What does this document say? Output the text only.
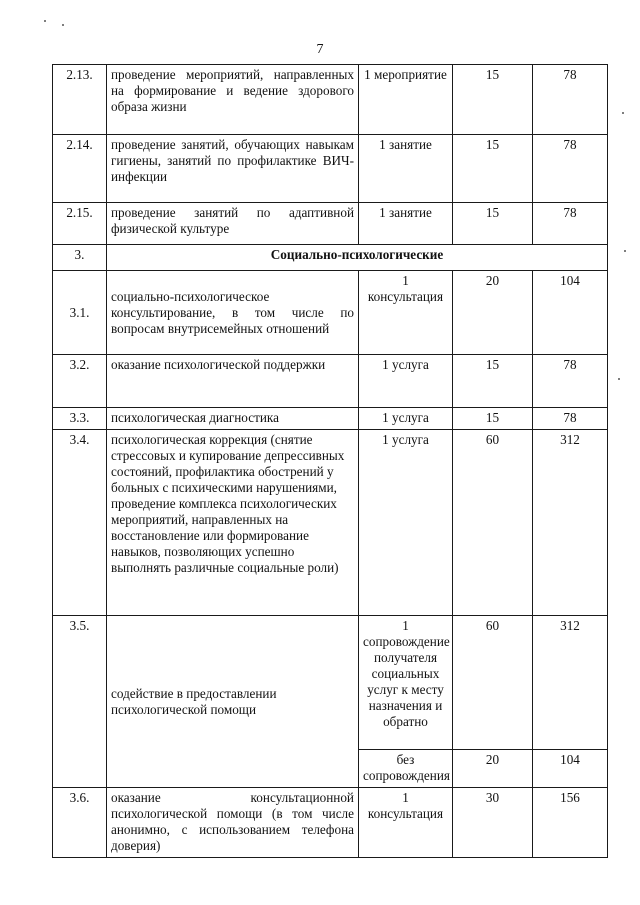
7
2.13.	проведение мероприятий, направленных на формирование и ведение здорового образа жизни	1 мероприятие	15	78
2.14.	проведение занятий, обучающих навыкам гигиены, занятий по профилактике ВИЧ-инфекции	1 занятие	15	78
2.15.	проведение занятий по адаптивной физической культуре	1 занятие	15	78
3.	Социально-психологические			
3.1.	социально-психологическое консультирование, в том числе по вопросам внутрисемейных отношений	1 консультация	20	104
3.2.	оказание психологической поддержки	1 услуга	15	78
3.3.	психологическая диагностика	1 услуга	15	78
3.4.	психологическая коррекция (снятие стрессовых и купирование депрессивных состояний, профилактика обострений у больных с психическими нарушениями, проведение комплекса психологических мероприятий, направленных на восстановление или формирование навыков, позволяющих успешно выполнять различные социальные роли)	1 услуга	60	312
3.5.	содействие в предоставлении психологической помощи	1 сопровождение получателя социальных услуг к месту назначения и обратно	60	312
		без сопровождения	20	104
3.6.	оказание консультационной психологической помощи (в том числе анонимно, с использованием телефона доверия)	1 консультация	30	156
